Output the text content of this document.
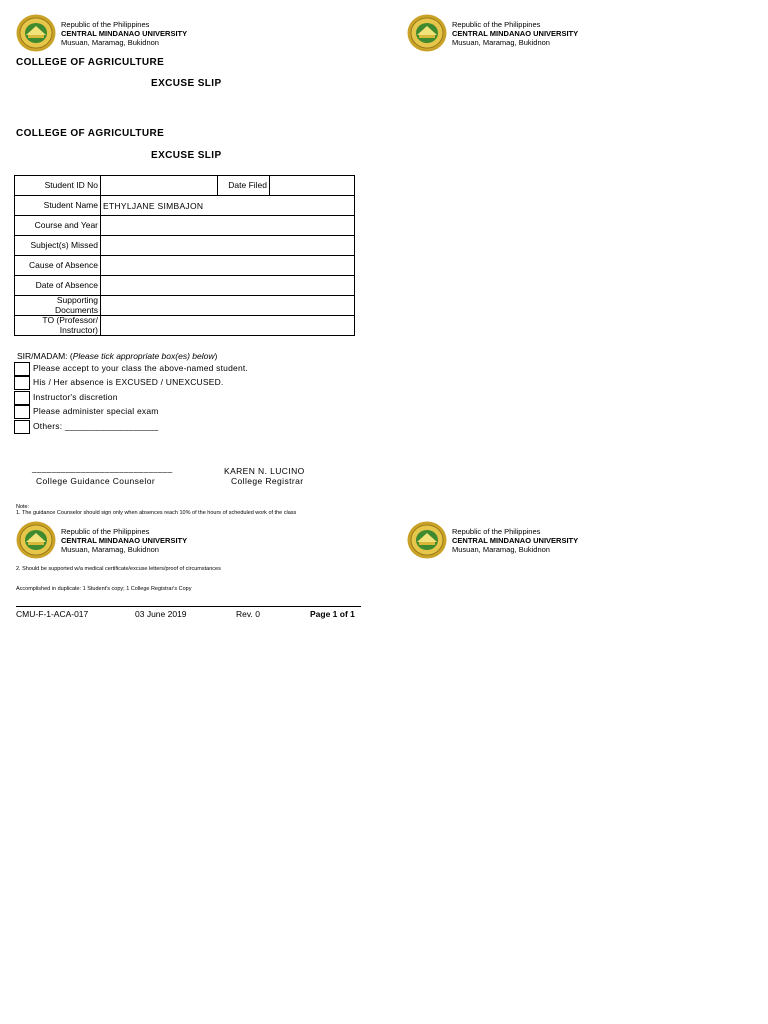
Republic of the Philippines
CENTRAL MINDANAO UNIVERSITY
Musuan, Maramag, Bukidnon
Republic of the Philippines
CENTRAL MINDANAO UNIVERSITY
Musuan, Maramag, Bukidnon
COLLEGE OF AGRICULTURE
EXCUSE SLIP
COLLEGE OF AGRICULTURE
EXCUSE SLIP
Student ID No		Date Filed	
Student Name	ETHYLJANE SIMBAJON		
Course and Year			
Subject(s) Missed			
Cause of Absence			
Date of Absence			
Supporting Documents			
TO (Professor/ Instructor)			
SIR/MADAM: (Please tick appropriate box(es) below)
Please accept to your class the above-named student.
His / Her absence is EXCUSED / UNEXCUSED.
Instructor's discretion
Please administer special exam
Others: ___________________
_____________________________
College Guidance Counselor
KAREN N. LUCINO
College Registrar
Note:
1. The guidance Counselor should sign only when absences reach 10% of the hours of scheduled work of the class
Republic of the Philippines
CENTRAL MINDANAO UNIVERSITY
Musuan, Maramag, Bukidnon
Republic of the Philippines
CENTRAL MINDANAO UNIVERSITY
Musuan, Maramag, Bukidnon
2. Should be supported w/a medical certificate/excuse letters/proof of circumstances
Accomplished in duplicate: 1 Student's copy; 1 College Registrar's Copy
CMU-F-1-ACA-017	03 June 2019	Rev. 0	Page 1 of 1
